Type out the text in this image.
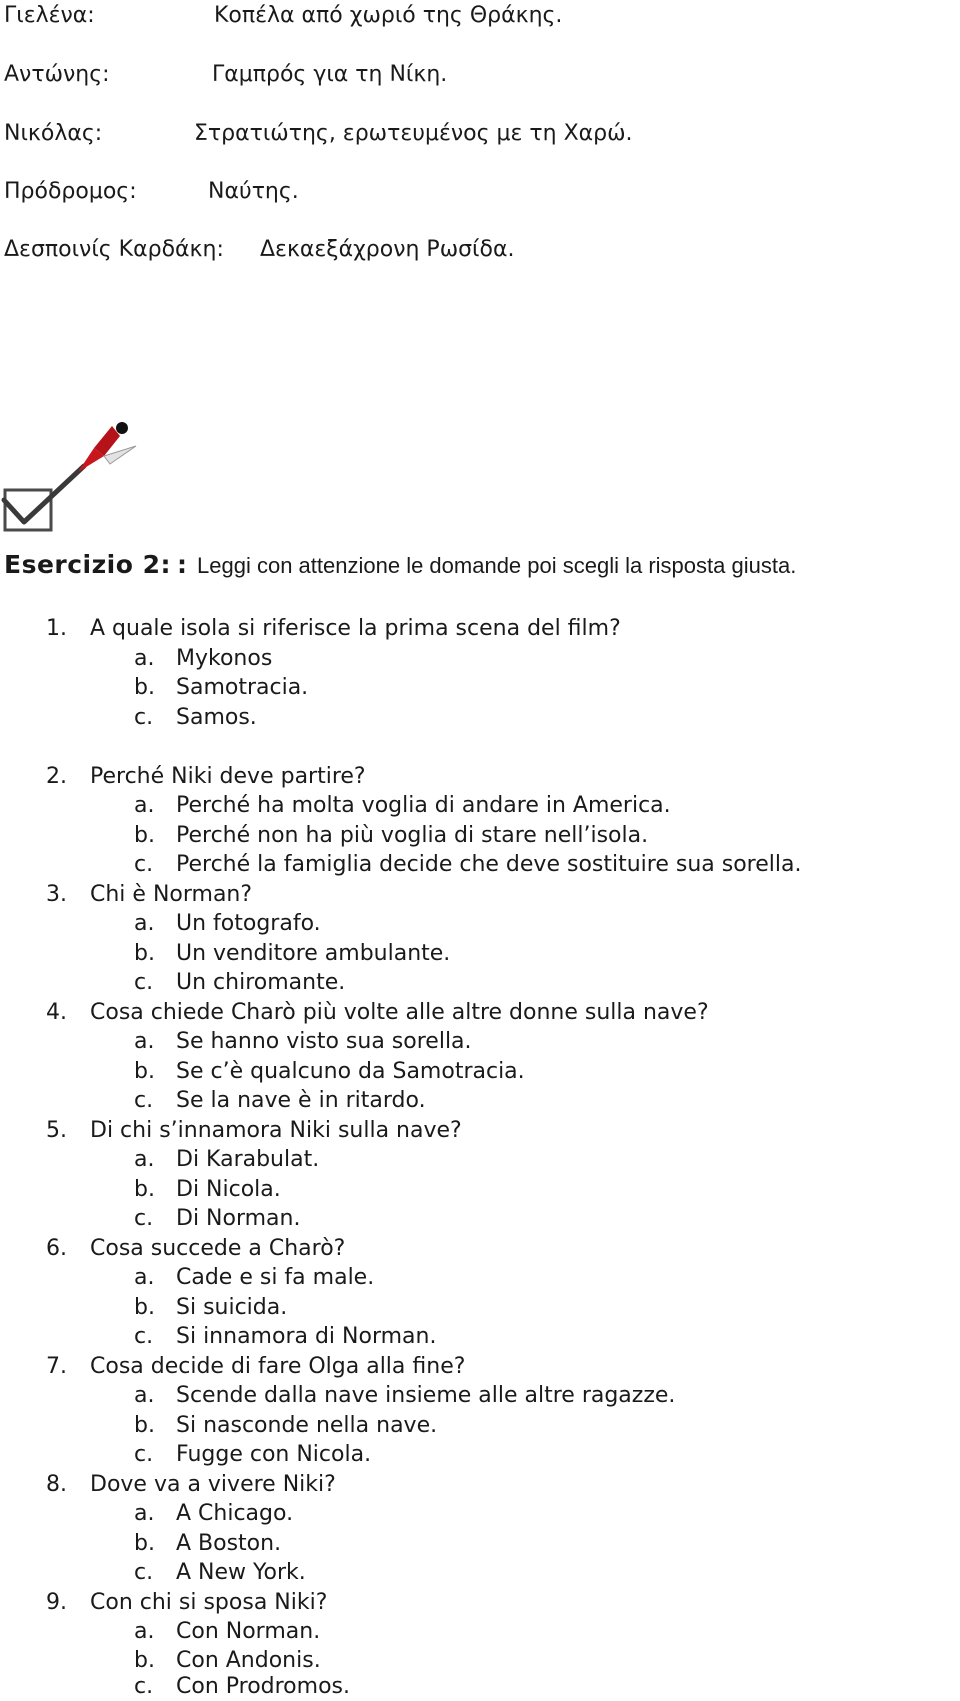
Γιελένα:	Κοπέλα από χωριό της Θράκης.
Αντώνης:	Γαμπρός για τη Νίκη.
Νικόλας:	Στρατιώτης, ερωτευμένος με τη Χαρώ.
Πρόδρομος:	Ναύτης.
Δεσποινίς Καρδάκη: Δεκαεξάχρονη Ρωσίδα.
Esercizio 2: : Leggi con attenzione le domande poi scegli la risposta giusta.
1. A quale isola si riferisce la prima scena del film?
a. Mykonos
b. Samotracia.
c. Samos.
2. Perché Niki deve partire?
a. Perché ha molta voglia di andare in America.
b. Perché non ha più voglia di stare nell’isola.
c. Perché la famiglia decide che deve sostituire sua sorella.
3. Chi è Norman?
a. Un fotografo.
b. Un venditore ambulante.
c. Un chiromante.
4. Cosa chiede Charò più volte alle altre donne sulla nave?
a. Se hanno visto sua sorella.
b. Se c’è qualcuno da Samotracia.
c. Se la nave è in ritardo.
5. Di chi s’innamora Niki sulla nave?
a. Di Karabulat.
b. Di Nicola.
c. Di Norman.
6. Cosa succede a Charò?
a. Cade e si fa male.
b. Si suicida.
c. Si innamora di Norman.
7. Cosa decide di fare Olga alla fine?
a. Scende dalla nave insieme alle altre ragazze.
b. Si nasconde nella nave.
c. Fugge con Nicola.
8. Dove va a vivere Niki?
a. A Chicago.
b. A Boston.
c. A New York.
9. Con chi si sposa Niki?
a. Con Norman.
b. Con Andonis.
c. Con Prodromos.
